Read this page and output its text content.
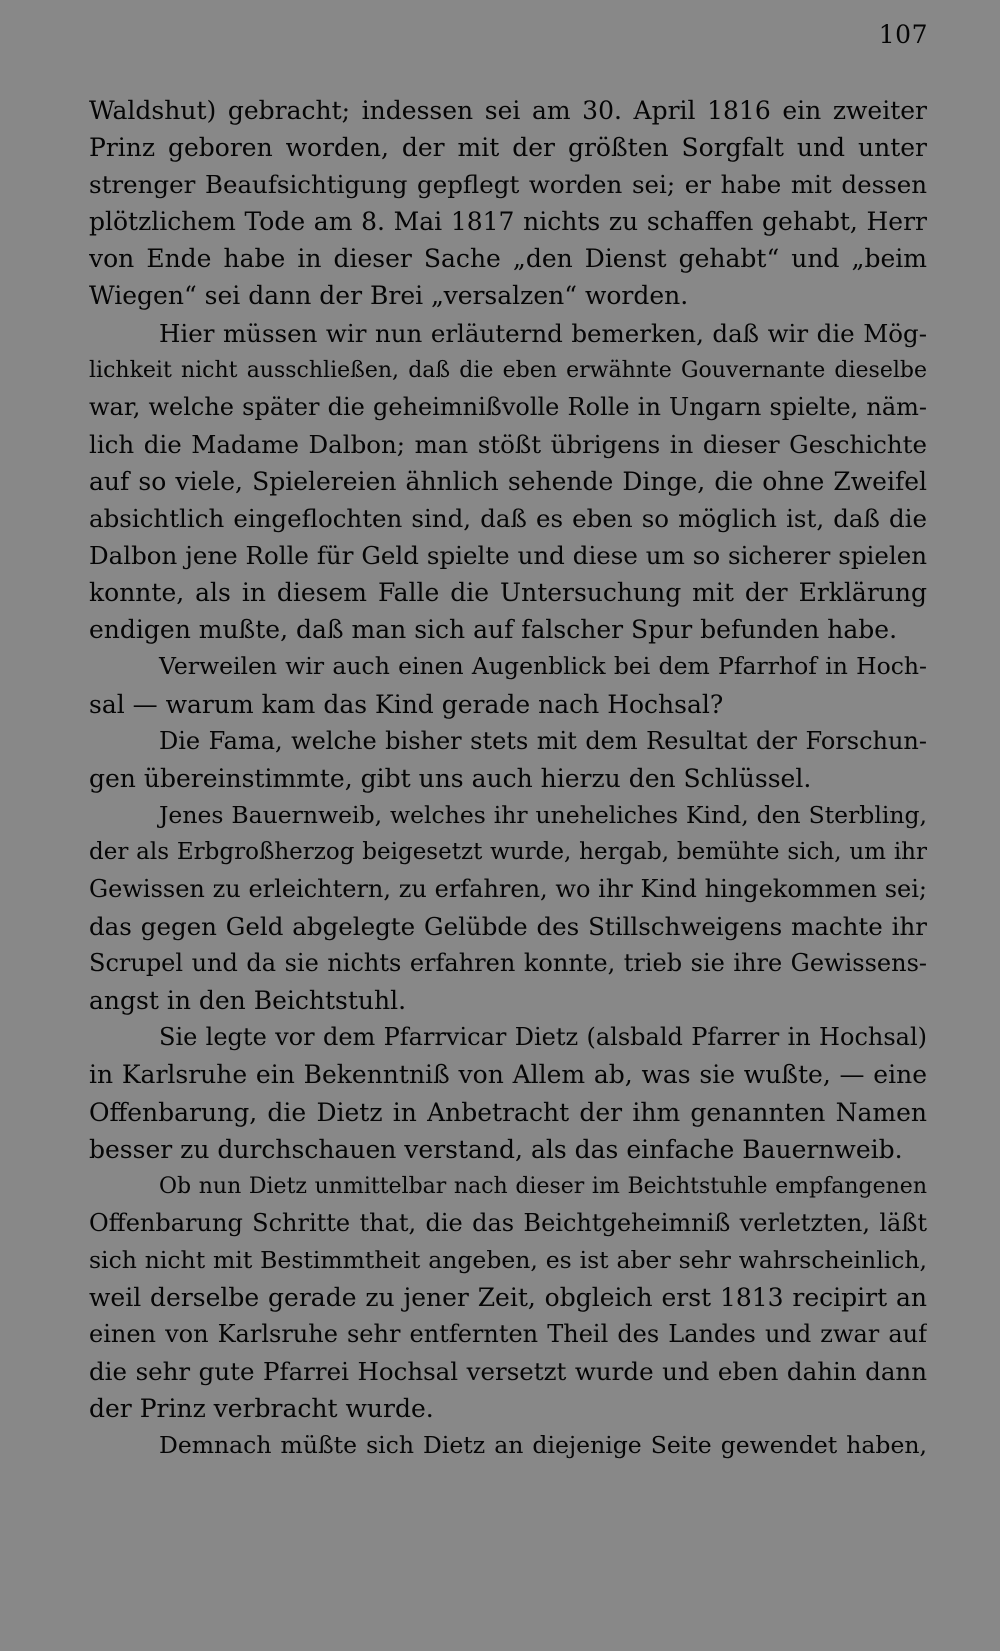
107
Waldshut) gebracht; indessen sei am 30. April 1816 ein zweiter
Prinz geboren worden, der mit der größten Sorgfalt und unter
strenger Beaufsichtigung gepflegt worden sei; er habe mit dessen
plötzlichem Tode am 8. Mai 1817 nichts zu schaffen gehabt, Herr
von Ende habe in dieser Sache „den Dienst gehabt“ und „beim
Wiegen“ sei dann der Brei „versalzen“ worden.
Hier müssen wir nun erläuternd bemerken, daß wir die Mög-
lichkeit nicht ausschließen, daß die eben erwähnte Gouvernante dieselbe
war, welche später die geheimnißvolle Rolle in Ungarn spielte, näm-
lich die Madame Dalbon; man stößt übrigens in dieser Geschichte
auf so viele, Spielereien ähnlich sehende Dinge, die ohne Zweifel
absichtlich eingeflochten sind, daß es eben so möglich ist, daß die
Dalbon jene Rolle für Geld spielte und diese um so sicherer spielen
konnte, als in diesem Falle die Untersuchung mit der Erklärung
endigen mußte, daß man sich auf falscher Spur befunden habe.
Verweilen wir auch einen Augenblick bei dem Pfarrhof in Hoch-
sal — warum kam das Kind gerade nach Hochsal?
Die Fama, welche bisher stets mit dem Resultat der Forschun-
gen übereinstimmte, gibt uns auch hierzu den Schlüssel.
Jenes Bauernweib, welches ihr uneheliches Kind, den Sterbling,
der als Erbgroßherzog beigesetzt wurde, hergab, bemühte sich, um ihr
Gewissen zu erleichtern, zu erfahren, wo ihr Kind hingekommen sei;
das gegen Geld abgelegte Gelübde des Stillschweigens machte ihr
Scrupel und da sie nichts erfahren konnte, trieb sie ihre Gewissens-
angst in den Beichtstuhl.
Sie legte vor dem Pfarrvicar Dietz (alsbald Pfarrer in Hochsal)
in Karlsruhe ein Bekenntniß von Allem ab, was sie wußte, — eine
Offenbarung, die Dietz in Anbetracht der ihm genannten Namen
besser zu durchschauen verstand, als das einfache Bauernweib.
Ob nun Dietz unmittelbar nach dieser im Beichtstuhle empfangenen
Offenbarung Schritte that, die das Beichtgeheimniß verletzten, läßt
sich nicht mit Bestimmtheit angeben, es ist aber sehr wahrscheinlich,
weil derselbe gerade zu jener Zeit, obgleich erst 1813 recipirt an
einen von Karlsruhe sehr entfernten Theil des Landes und zwar auf
die sehr gute Pfarrei Hochsal versetzt wurde und eben dahin dann
der Prinz verbracht wurde.
Demnach müßte sich Dietz an diejenige Seite gewendet haben,
